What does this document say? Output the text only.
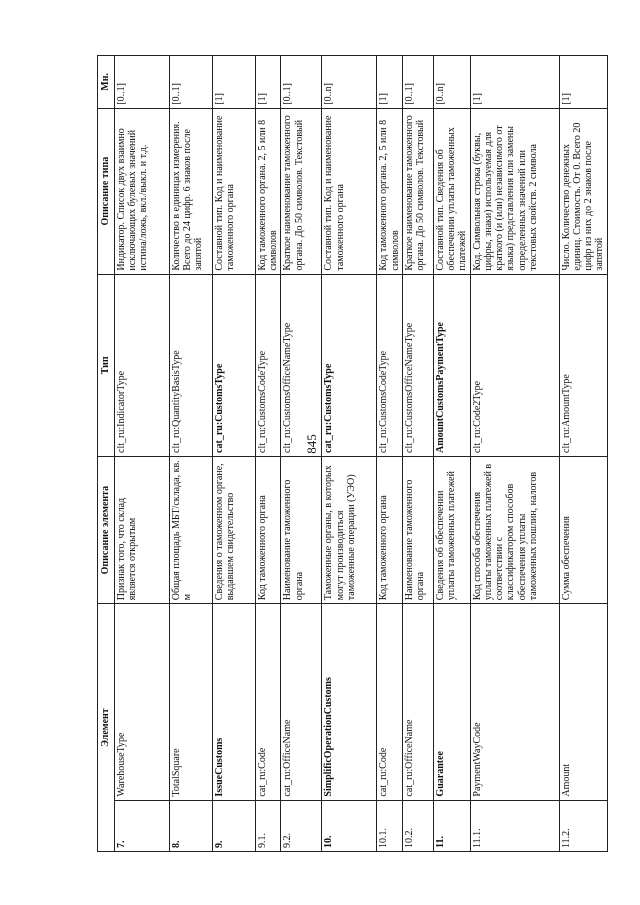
845
Элемент		Описание элемента	Тип	Описание типа	Мн.
7.	WarehouseType	Признак того, что склад является открытым	clt_ru:IndicatorType	Индикатор. Список двух взаимно исключающих булевых значений истина/ложь, вкл./выкл. и т.д.	[0..1]
8.	TotalSquare	Общая площадь МБТ/склада, кв. м	clt_ru:QuantityBasisType	Количество в единицах измерения. Всего до 24 цифр. 6 знаков после запятой	[0..1]
9.	IssueCustoms	Сведения о таможенном органе, выдавшем свидетельство	cat_ru:CustomsType	Составной тип. Код и наименование таможенного органа	[1]
9.1.	cat_ru:Code	Код таможенного органа	clt_ru:CustomsCodeType	Код таможенного органа. 2, 5 или 8 символов	[1]
9.2.	cat_ru:OfficeName	Наименование таможенного органа	clt_ru:CustomsOfficeNameType	Краткое наименование таможенного органа. До 50 символов. Текстовый	[0..1]
10.	SimplificOperationCustoms	Таможенные органы, в которых могут производиться таможенные операции (УЭО)	cat_ru:CustomsType	Составной тип. Код и наименование таможенного органа	[0..n]
10.1.	cat_ru:Code	Код таможенного органа	clt_ru:CustomsCodeType	Код таможенного органа. 2, 5 или 8 символов	[1]
10.2.	cat_ru:OfficeName	Наименование таможенного органа	clt_ru:CustomsOfficeNameType	Краткое наименование таможенного органа. До 50 символов. Текстовый	[0..1]
11.	Guarantee	Сведения об обеспечении уплаты таможенных платежей	AmountCustomsPaymentType	Составной тип. Сведения об обеспечении уплаты таможенных платежей	[0..n]
11.1.	PaymentWayCode	Код способа обеспечения уплаты таможенных платежей в соответствии с классификатором способов обеспечения уплаты таможенных пошлин, налогов	clt_ru:Code2Type	Код. Символьная строка (буквы, цифры, знаки) используемая для краткого (и (или) независимого от языка) представления или замены определенных значений или текстовых свойств. 2 символа	[1]
11.2.	Amount	Сумма обеспечения	clt_ru:AmountType	Число. Количество денежных единиц. Стоимость. От 0. Всего 20 цифр из них до 2 знаков после запятой	[1]
